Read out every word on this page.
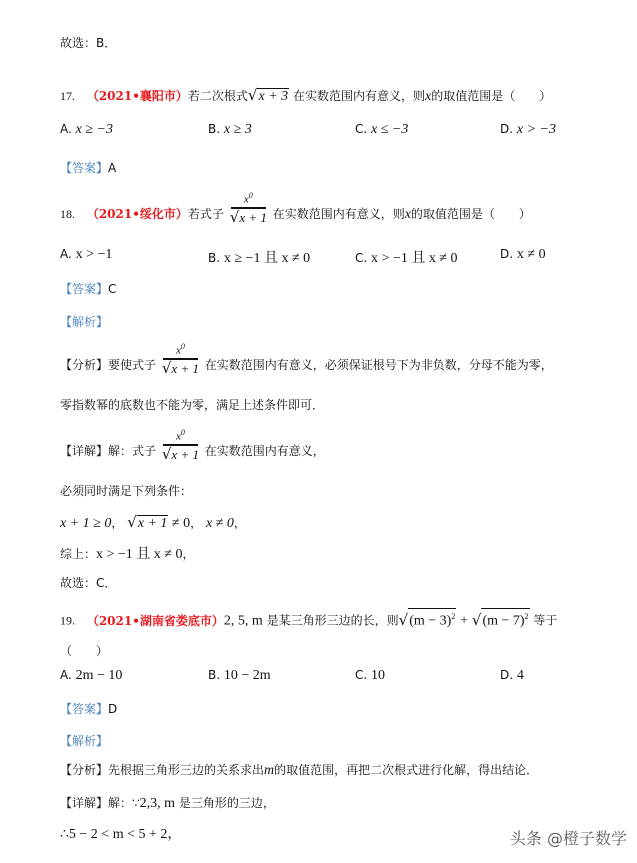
故选：B．
17. （2021•襄阳市）若二次根式√x + 3 在实数范围内有意义，则x的取值范围是（　　）
A. x ≥ −3	B. x ≥ 3	C. x ≤ −3	D. x > −3
【答案】A
18. （2021•绥化市）若式子 $\frac{x^0}{√x + 1}$ 在实数范围内有意义，则x的取值范围是（　　）
A. x > −1	B. x ≥ −1 且 x ≠ 0	C. x > −1 且 x ≠ 0	D. x ≠ 0
【答案】C
【解析】
【分析】要使式子 $\frac{x^0}{√x + 1}$ 在实数范围内有意义，必须保证根号下为非负数，分母不能为零，
零指数幂的底数也不能为零，满足上述条件即可．
【详解】解：式子 $\frac{x^0}{√x + 1}$ 在实数范围内有意义，
必须同时满足下列条件：
x + 1 ≥ 0， √x + 1 ≠ 0， x ≠ 0，
综上：x > −1 且 x ≠ 0，
故选：C．
19. （2021•湖南省娄底市）2, 5, m 是某三角形三边的长，则$√(m - 3)^2 + √(m - 7)^2$ 等于
（　　）
A. 2m − 10	B. 10 − 2m	C. 10	D. 4
【答案】D
【解析】
【分析】先根据三角形三边的关系求出m的取值范围，再把二次根式进行化解，得出结论．
【详解】解：∵2,3, m 是三角形的三边，
∴5 − 2 < m < 5 + 2，	头条 @橙子数学
